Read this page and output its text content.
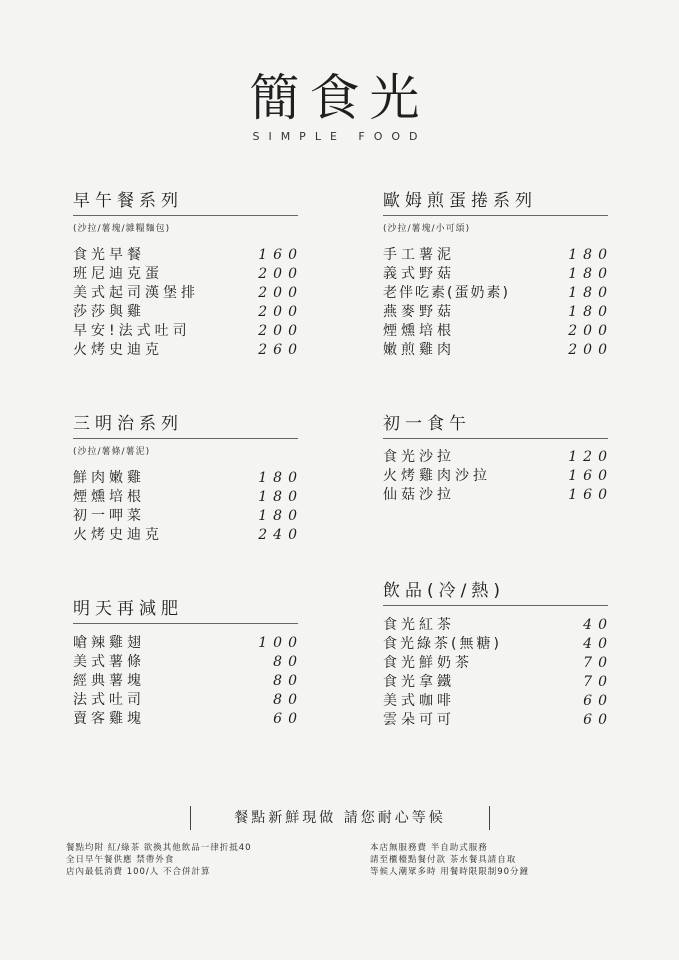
簡食光
SIMPLE FOOD
早午餐系列
(沙拉/薯塊/雜糧麵包)
食光早餐	160
班尼迪克蛋	200
美式起司漢堡排	200
莎莎與雞	200
早安!法式吐司	200
火烤史迪克	260
歐姆煎蛋捲系列
(沙拉/薯塊/小可頌)
手工薯泥	180
義式野菇	180
老伴吃素(蛋奶素)	180
燕麥野菇	180
煙燻培根	200
嫩煎雞肉	200
三明治系列
(沙拉/薯條/薯泥)
鮮肉嫩雞	180
煙燻培根	180
初一呷菜	180
火烤史迪克	240
初一食午
食光沙拉	120
火烤雞肉沙拉	160
仙菇沙拉	160
明天再減肥
嗆辣雞翅	100
美式薯條	80
經典薯塊	80
法式吐司	80
賣客雞塊	60
飲品(冷/熱)
食光紅茶	40
食光綠茶(無糖)	40
食光鮮奶茶	70
食光拿鐵	70
美式咖啡	60
雲朵可可	60
餐點新鮮現做 請您耐心等候
餐點均附 紅/綠茶 欲換其他飲品一律折抵40
全日早午餐供應 禁帶外食
店內最低消費 100/人 不合併計算
本店無服務費 半自助式服務
請至櫃檯點餐付款 茶水餐具請自取
等候人潮眾多時 用餐時限限制90分鐘
